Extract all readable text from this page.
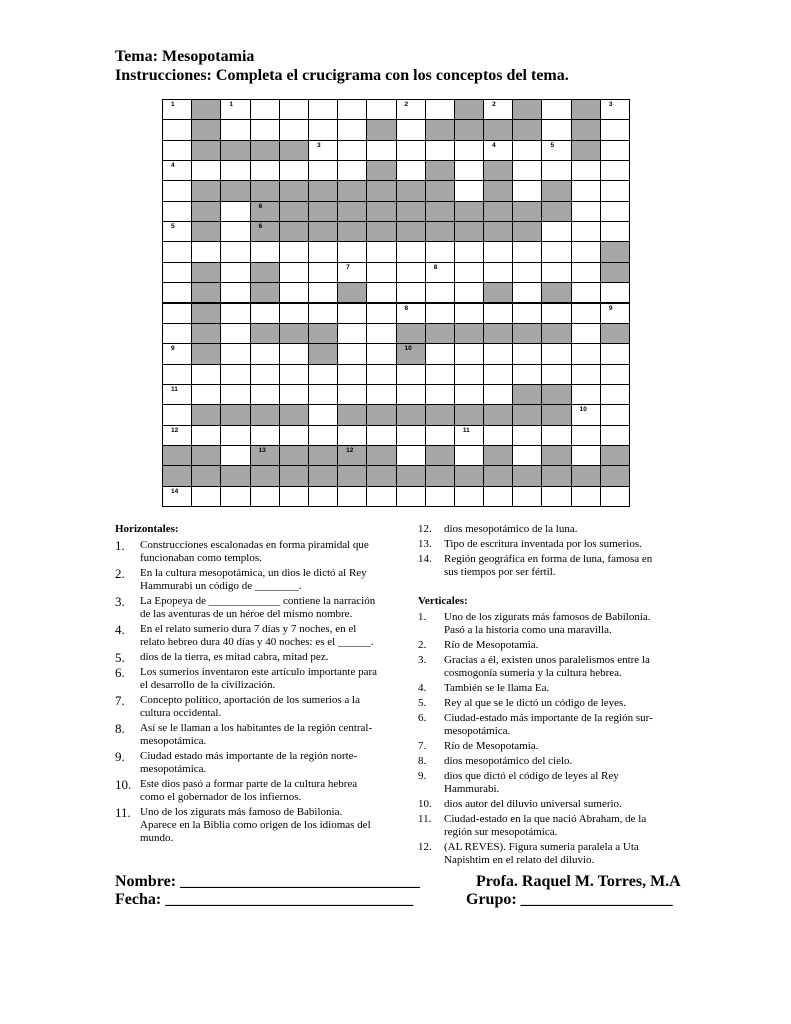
Tema: Mesopotamia
Instrucciones: Completa el crucigrama con los conceptos del tema.
1	1	2	2	3
3	4	5
4
6
5	6
7	8
8	9
9	10
11
10
12	11
13	12
14
Horizontales:
1.	Construcciones escalonadas en forma piramidal que funcionaban como templos.
2.	En la cultura mesopotámica, un dios le dictó al Rey Hammurabi un código de ________.
3.	La Epopeya de _____________ contiene la narración de las aventuras de un héroe del mismo nombre.
4.	En el relato sumerio dura 7 días y 7 noches, en el relato hebreo dura 40 días y 40 noches: es el ______.
5.	dios de la tierra, es mitad cabra, mitad pez.
6.	Los sumerios inventaron este artículo importante para el desarrollo de la civilización.
7.	Concepto político, aportación de los sumerios a la cultura occidental.
8.	Así se le llaman a los habitantes de la región central-mesopotámica.
9.	Ciudad estado más importante de la región norte-mesopotámica.
10. Este dios pasó a formar parte de la cultura hebrea como el gobernador de los infiernos.
11. Uno de los zigurats más famoso de Babilonia. Aparece en la Biblia como origen de los idiomas del mundo.
12.	dios mesopotámico de la luna.
13.	Tipo de escritura inventada por los sumerios.
14.	Región geográfica en forma de luna, famosa en sus tiempos por ser fértil.
Verticales:
1.	Uno de los zigurats más famosos de Babilonia. Pasó a la historia como una maravilla.
2.	Río de Mesopotamia.
3.	Gracias a él, existen unos paralelismos entre la cosmogonía sumeria y la cultura hebrea.
4.	También se le llama Ea.
5.	Rey al que se le dictó un código de leyes.
6.	Ciudad-estado más importante de la región sur-mesopotámica.
7.	Río de Mesopotamia.
8.	dios mesopotámico del cielo.
9.	dios que dictó el código de leyes al Rey Hammurabi.
10.	dios autor del diluvio universal sumerio.
11.	Ciudad-estado en la que nació Abraham, de la región sur mesopotámica.
12.	(AL REVES). Figura sumeria paralela a Uta Napishtim en el relato del diluvio.
Nombre: ______________________________
Fecha: _______________________________
Profa. Raquel M. Torres, M.A
Grupo: ___________________
